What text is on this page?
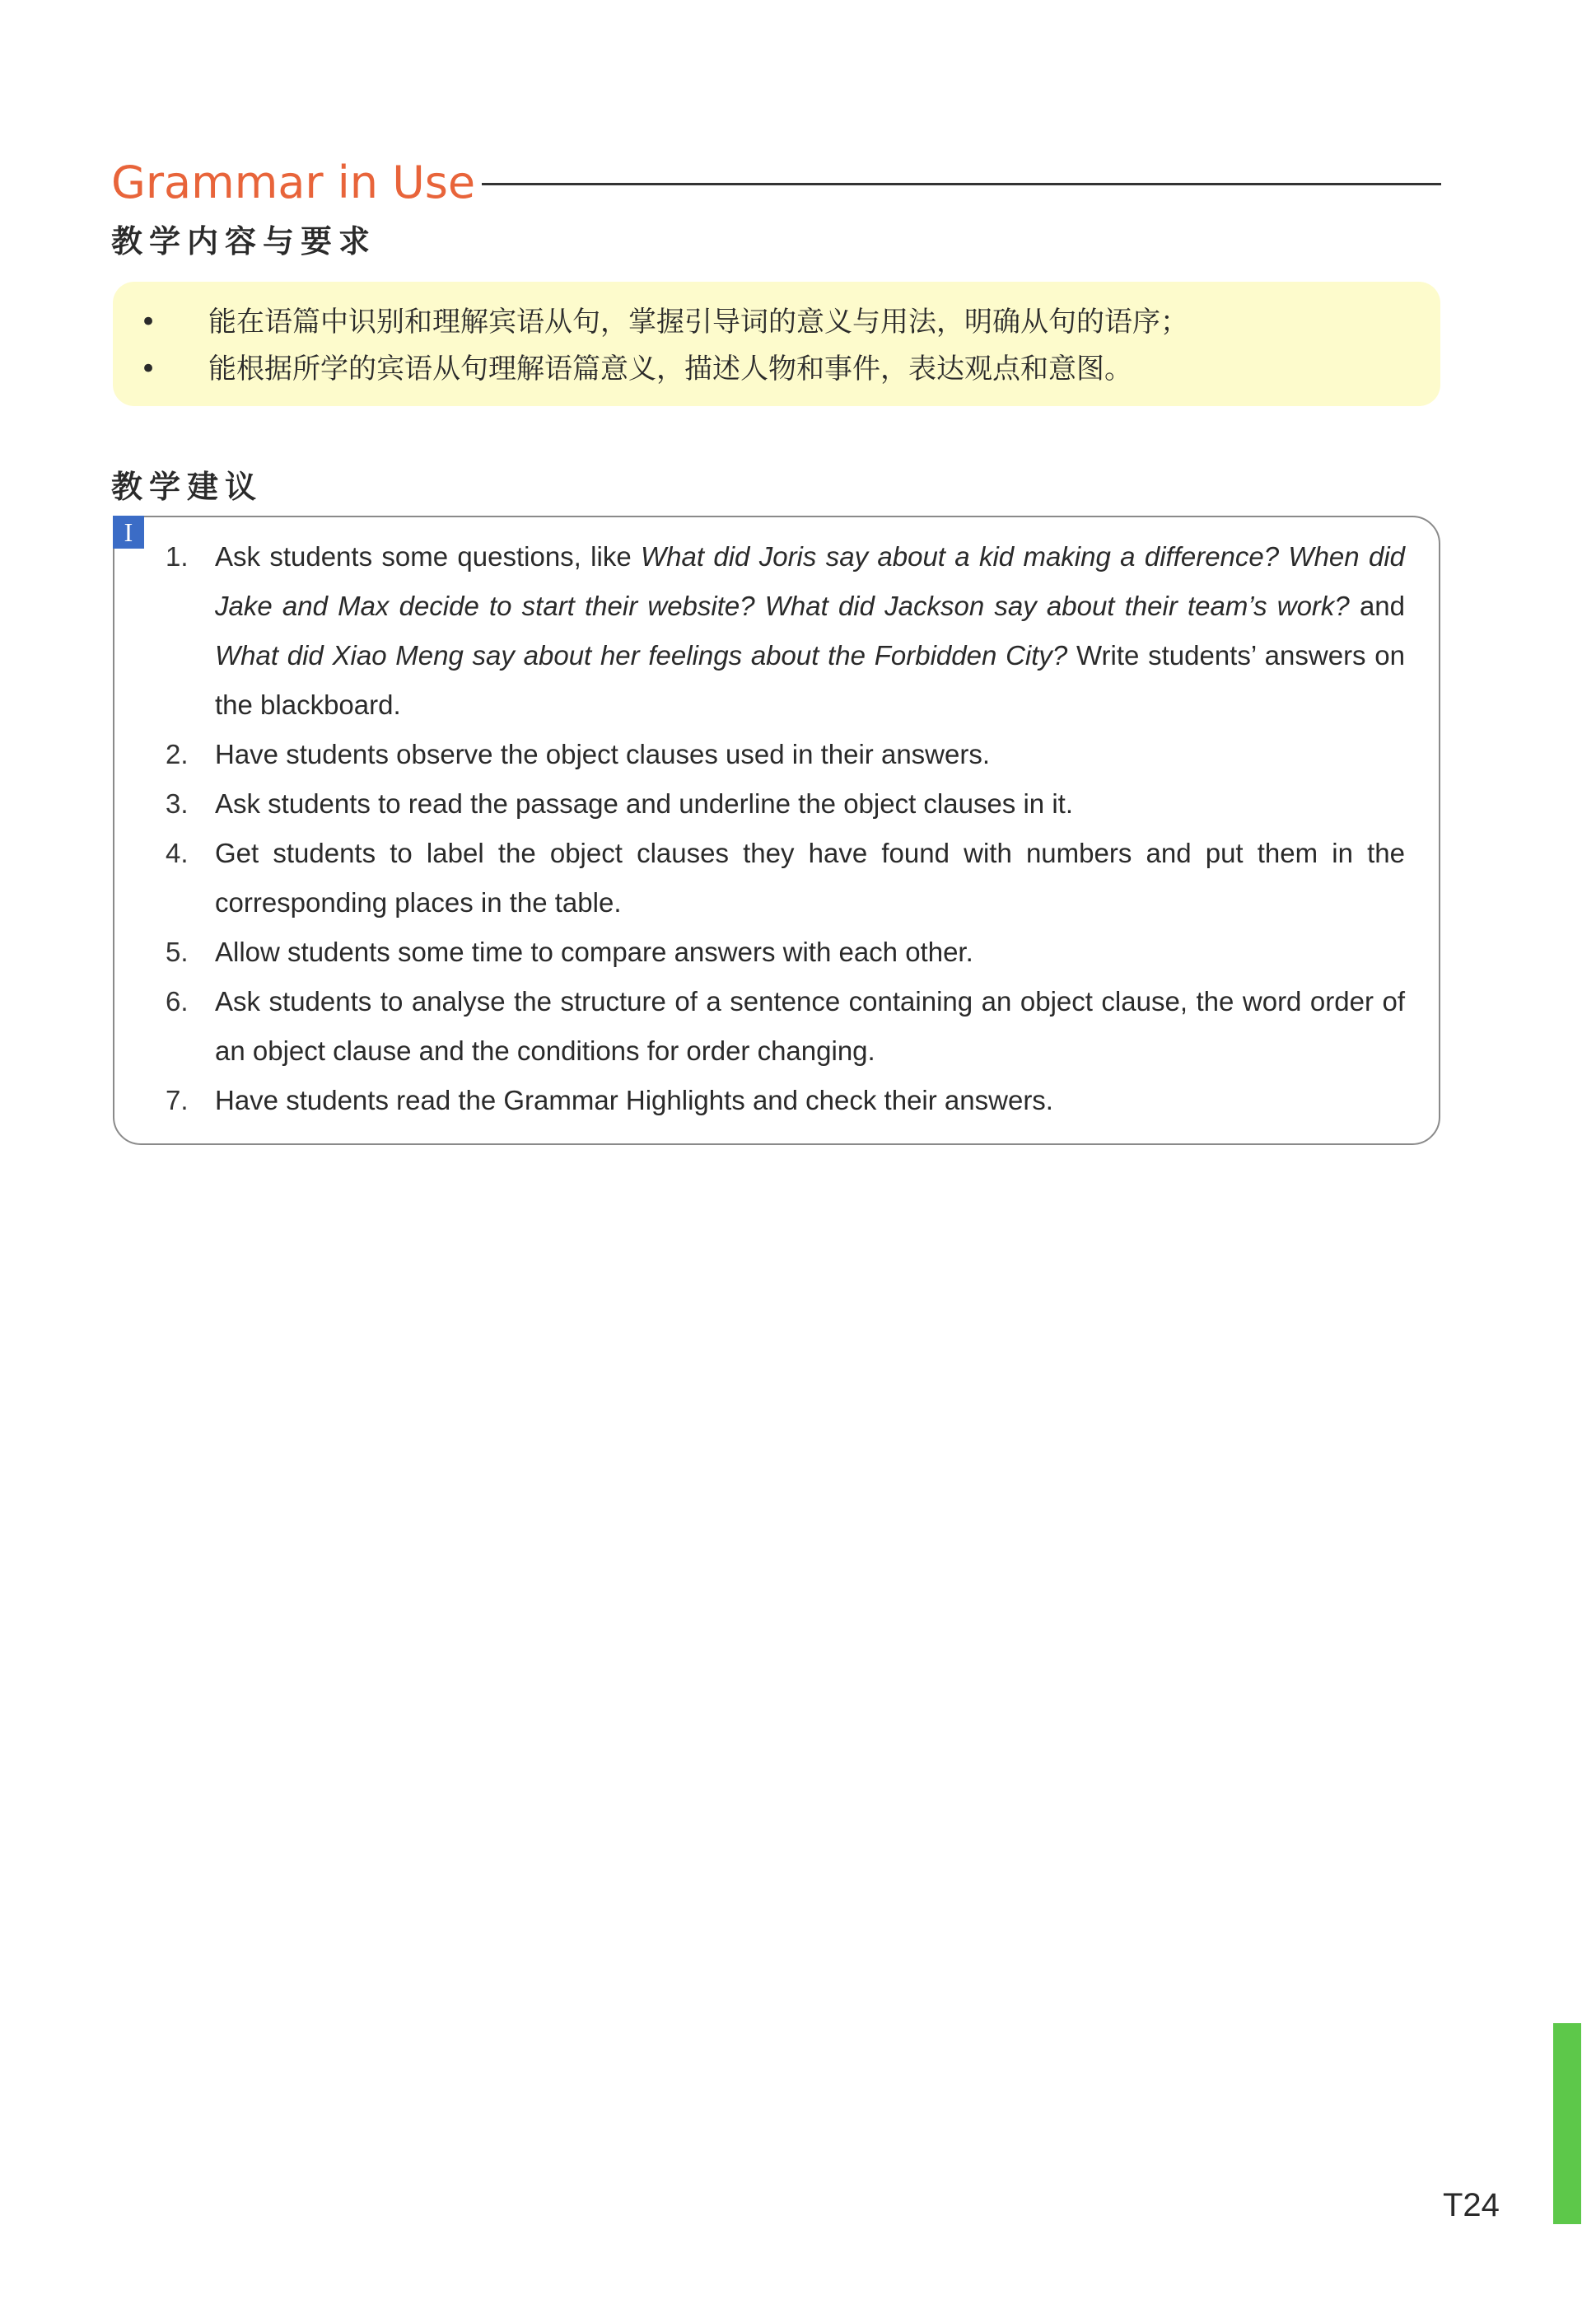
Grammar in Use
教学内容与要求
• 能在语篇中识别和理解宾语从句，掌握引导词的意义与用法，明确从句的语序；
• 能根据所学的宾语从句理解语篇意义，描述人物和事件，表达观点和意图。
教学建议
1. Ask students some questions, like What did Joris say about a kid making a difference? When did Jake and Max decide to start their website? What did Jackson say about their team’s work? and What did Xiao Meng say about her feelings about the Forbidden City? Write students’ answers on the blackboard.
2. Have students observe the object clauses used in their answers.
3. Ask students to read the passage and underline the object clauses in it.
4. Get students to label the object clauses they have found with numbers and put them in the corresponding places in the table.
5. Allow students some time to compare answers with each other.
6. Ask students to analyse the structure of a sentence containing an object clause, the word order of an object clause and the conditions for order changing.
7. Have students read the Grammar Highlights and check their answers.
I
T24
